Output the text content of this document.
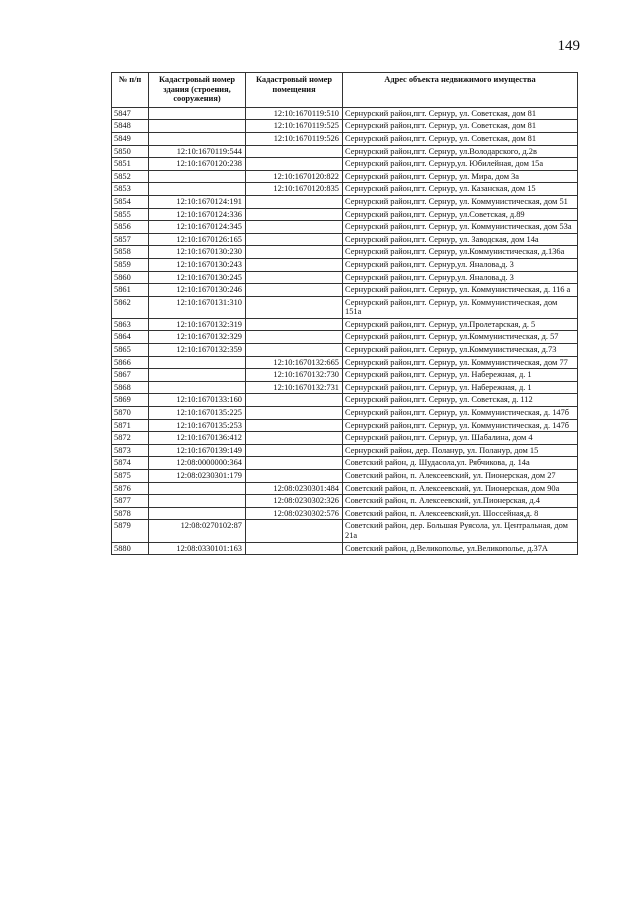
149
№ п/п	Кадастровый номер здания (строения, сооружения)	Кадастровый номер помещения	Адрес объекта недвижимого имущества
5847		12:10:1670119:510	Сернурский район,пгт. Сернур, ул. Советская, дом 81
5848		12:10:1670119:525	Сернурский район,пгт. Сернур, ул. Советская, дом 81
5849		12:10:1670119:526	Сернурский район,пгт. Сернур, ул. Советская, дом 81
5850	12:10:1670119:544		Сернурский район,пгт. Сернур, ул.Володарского, д.2в
5851	12:10:1670120:238		Сернурский район,пгт. Сернур,ул. Юбилейная, дом 15а
5852		12:10:1670120:822	Сернурский район,пгт. Сернур, ул. Мира, дом 3а
5853		12:10:1670120:835	Сернурский район,пгт. Сернур, ул. Казанская, дом 15
5854	12:10:1670124:191		Сернурский район,пгт. Сернур, ул. Коммунистическая, дом 51
5855	12:10:1670124:336		Сернурский район,пгт. Сернур, ул.Советская, д.89
5856	12:10:1670124:345		Сернурский район,пгт. Сернур, ул. Коммунистическая, дом 53а
5857	12:10:1670126:165		Сернурский район,пгт. Сернур, ул. Заводская, дом 14а
5858	12:10:1670130:230		Сернурский район,пгт. Сернур, ул.Коммунистическая, д.136а
5859	12:10:1670130:243		Сернурский район,пгт. Сернур,ул. Яналова,д. 3
5860	12:10:1670130:245		Сернурский район,пгт. Сернур,ул. Яналова,д. 3
5861	12:10:1670130:246		Сернурский район,пгт. Сернур, ул. Коммунистическая, д. 116 а
5862	12:10:1670131:310		Сернурский район,пгт. Сернур, ул. Коммунистическая, дом 151а
5863	12:10:1670132:319		Сернурский район,пгт. Сернур, ул.Пролетарская, д. 5
5864	12:10:1670132:329		Сернурский район,пгт. Сернур, ул.Коммунистическая, д. 57
5865	12:10:1670132:359		Сернурский район,пгт. Сернур, ул.Коммунистическая, д.73
5866		12:10:1670132:665	Сернурский район,пгт. Сернур, ул. Коммунистическая, дом 77
5867		12:10:1670132:730	Сернурский район,пгт. Сернур, ул. Набережная, д. 1
5868		12:10:1670132:731	Сернурский район,пгт. Сернур, ул. Набережная, д. 1
5869	12:10:1670133:160		Сернурский район,пгт. Сернур, ул. Советская, д. 112
5870	12:10:1670135:225		Сернурский район,пгт. Сернур, ул. Коммунистическая, д. 147б
5871	12:10:1670135:253		Сернурский район,пгт. Сернур, ул. Коммунистическая, д. 147б
5872	12:10:1670136:412		Сернурский район,пгт. Сернур, ул. Шабалина, дом 4
5873	12:10:1670139:149		Сернурский район, дер. Поланур, ул. Поланур, дом 15
5874	12:08:0000000:364		Советский район, д. Шудасола,ул. Рябчикова, д. 14а
5875	12:08:0230301:179		Советский район, п. Алексеевский, ул. Пионерская, дом 27
5876		12:08:0230301:484	Советский район, п. Алексеевский, ул. Пионерская, дом 90а
5877		12:08:0230302:326	Советский район, п. Алексеевский, ул.Пионерская, д.4
5878		12:08:0230302:576	Советский район, п. Алексеевский,ул. Шоссейная,д. 8
5879	12:08:0270102:87		Советский район, дер. Большая Руясола, ул. Центральная, дом 21а
5880	12:08:0330101:163		Советский район, д.Великополье, ул.Великополье, д.37А
